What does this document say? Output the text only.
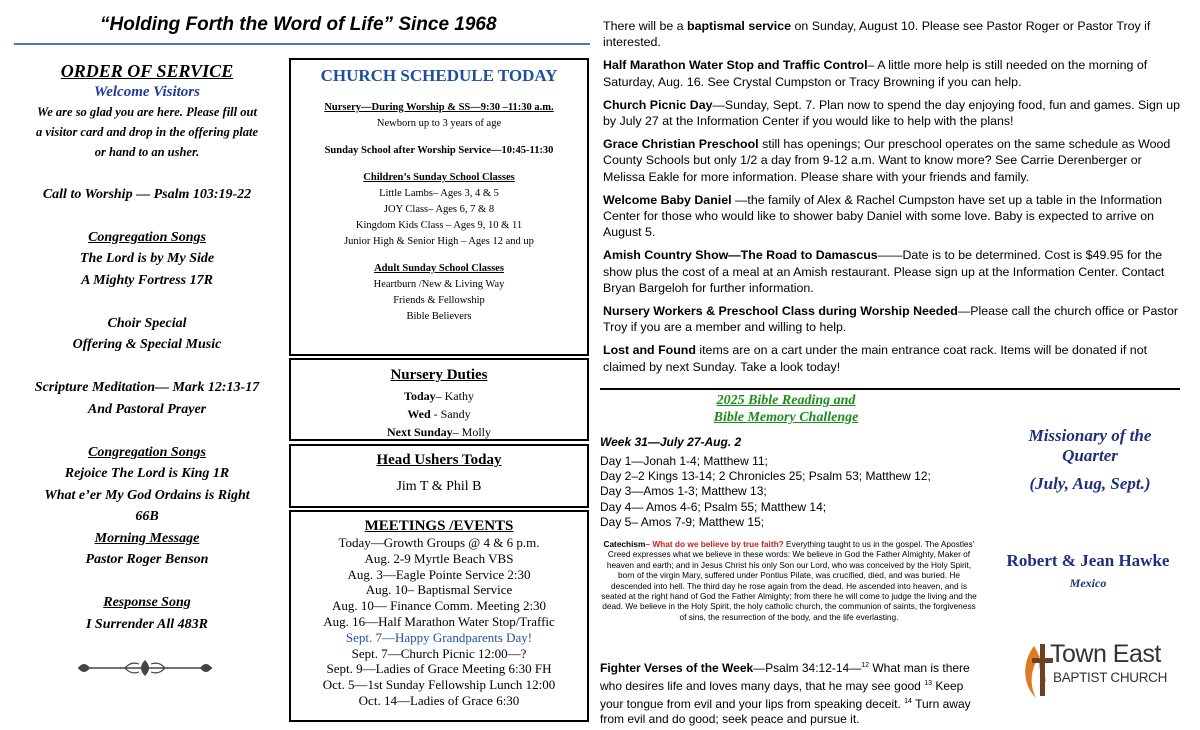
“Holding Forth the Word of Life” Since 1968
ORDER OF SERVICE
Welcome Visitors
We are so glad you are here. Please fill out
a visitor card and drop in the offering plate
or hand to an usher.
Call to Worship — Psalm 103:19-22
Congregation Songs
The Lord is by My Side
A Mighty Fortress 17R
Choir Special
Offering & Special Music
Scripture Meditation— Mark 12:13-17
And Pastoral Prayer
Congregation Songs
Rejoice The Lord is King 1R
What e’er My God Ordains is Right
66B
Morning Message
Pastor Roger Benson
Response Song
I Surrender All 483R
CHURCH SCHEDULE TODAY
Nursery—During Worship & SS—9:30 –11:30 a.m.
Newborn up to 3 years of age
Sunday School after Worship Service—10:45-11:30
Children’s Sunday School Classes
Little Lambs– Ages 3, 4 & 5
JOY Class– Ages 6, 7 & 8
Kingdom Kids Class – Ages 9, 10 & 11
Junior High & Senior High – Ages 12 and up
Adult Sunday School Classes
Heartburn /New & Living Way
Friends & Fellowship
Bible Believers
Nursery Duties
Today– Kathy
Wed - Sandy
Next Sunday– Molly
Head Ushers Today
Jim T & Phil B
MEETINGS /EVENTS
Today—Growth Groups @ 4 & 6 p.m.
Aug. 2-9 Myrtle Beach VBS
Aug. 3—Eagle Pointe Service 2:30
Aug. 10– Baptismal Service
Aug. 10— Finance Comm. Meeting 2:30
Aug. 16—Half Marathon Water Stop/Traffic
Sept. 7—Happy Grandparents Day!
Sept. 7—Church Picnic 12:00—?
Sept. 9—Ladies of Grace Meeting 6:30 FH
Oct. 5—1st Sunday Fellowship Lunch 12:00
Oct. 14—Ladies of Grace 6:30

There will be a baptismal service on Sunday, August 10. Please see Pastor Roger or Pastor Troy if interested.

Half Marathon Water Stop and Traffic Control– A little more help is still needed on the morning of Saturday, Aug. 16. See Crystal Cumpston or Tracy Browning if you can help.

Church Picnic Day—Sunday, Sept. 7. Plan now to spend the day enjoying food, fun and games. Sign up by July 27 at the Information Center if you would like to help with the plans!

Grace Christian Preschool still has openings; Our preschool operates on the same schedule as Wood County Schools but only 1/2 a day from 9-12 a.m. Want to know more? See Carrie Derenberger or Melissa Eakle for more information. Please share with your friends and family.

Welcome Baby Daniel —the family of Alex & Rachel Cumpston have set up a table in the Information Center for those who would like to shower baby Daniel with some love. Baby is expected to arrive on August 5.

Amish Country Show—The Road to Damascus——Date is to be determined. Cost is $49.95 for the show plus the cost of a meal at an Amish restaurant. Please sign up at the Information Center. Contact Bryan Bargeloh for further information.

Nursery Workers & Preschool Class during Worship Needed—Please call the church office or Pastor Troy if you are a member and willing to help.

Lost and Found items are on a cart under the main entrance coat rack. Items will be donated if not claimed by next Sunday. Take a look today!

2025 Bible Reading and
Bible Memory Challenge
Week 31—July 27-Aug. 2
Day 1—Jonah 1-4; Matthew 11;
Day 2–2 Kings 13-14; 2 Chronicles 25; Psalm 53; Matthew 12;
Day 3—Amos 1-3; Matthew 13;
Day 4— Amos 4-6; Psalm 55; Matthew 14;
Day 5– Amos 7-9; Matthew 15;
Catechism– What do we believe by true faith? Everything taught to us in the gospel. The Apostles’ Creed expresses what we believe in these words: We believe in God the Father Almighty, Maker of heaven and earth; and in Jesus Christ his only Son our Lord, who was conceived by the Holy Spirit, born of the virgin Mary, suffered under Pontius Pilate, was crucified, died, and was buried. He descended into hell. The third day he rose again from the dead. He ascended into heaven, and is seated at the right hand of God the Father Almighty; from there he will come to judge the living and the dead. We believe in the Holy Spirit, the holy catholic church, the communion of saints, the forgiveness of sins, the resurrection of the body, and the life everlasting.
Fighter Verses of the Week—Psalm 34:12-14—$^{12}$ What man is there who desires life and loves many days, that he may see good $^{13}$ Keep your tongue from evil and your lips from speaking deceit. $^{14}$ Turn away from evil and do good; seek peace and pursue it.
Missionary of the
Quarter
(July, Aug, Sept.)
Robert & Jean Hawke
Mexico
Town East
BAPTIST CHURCH
